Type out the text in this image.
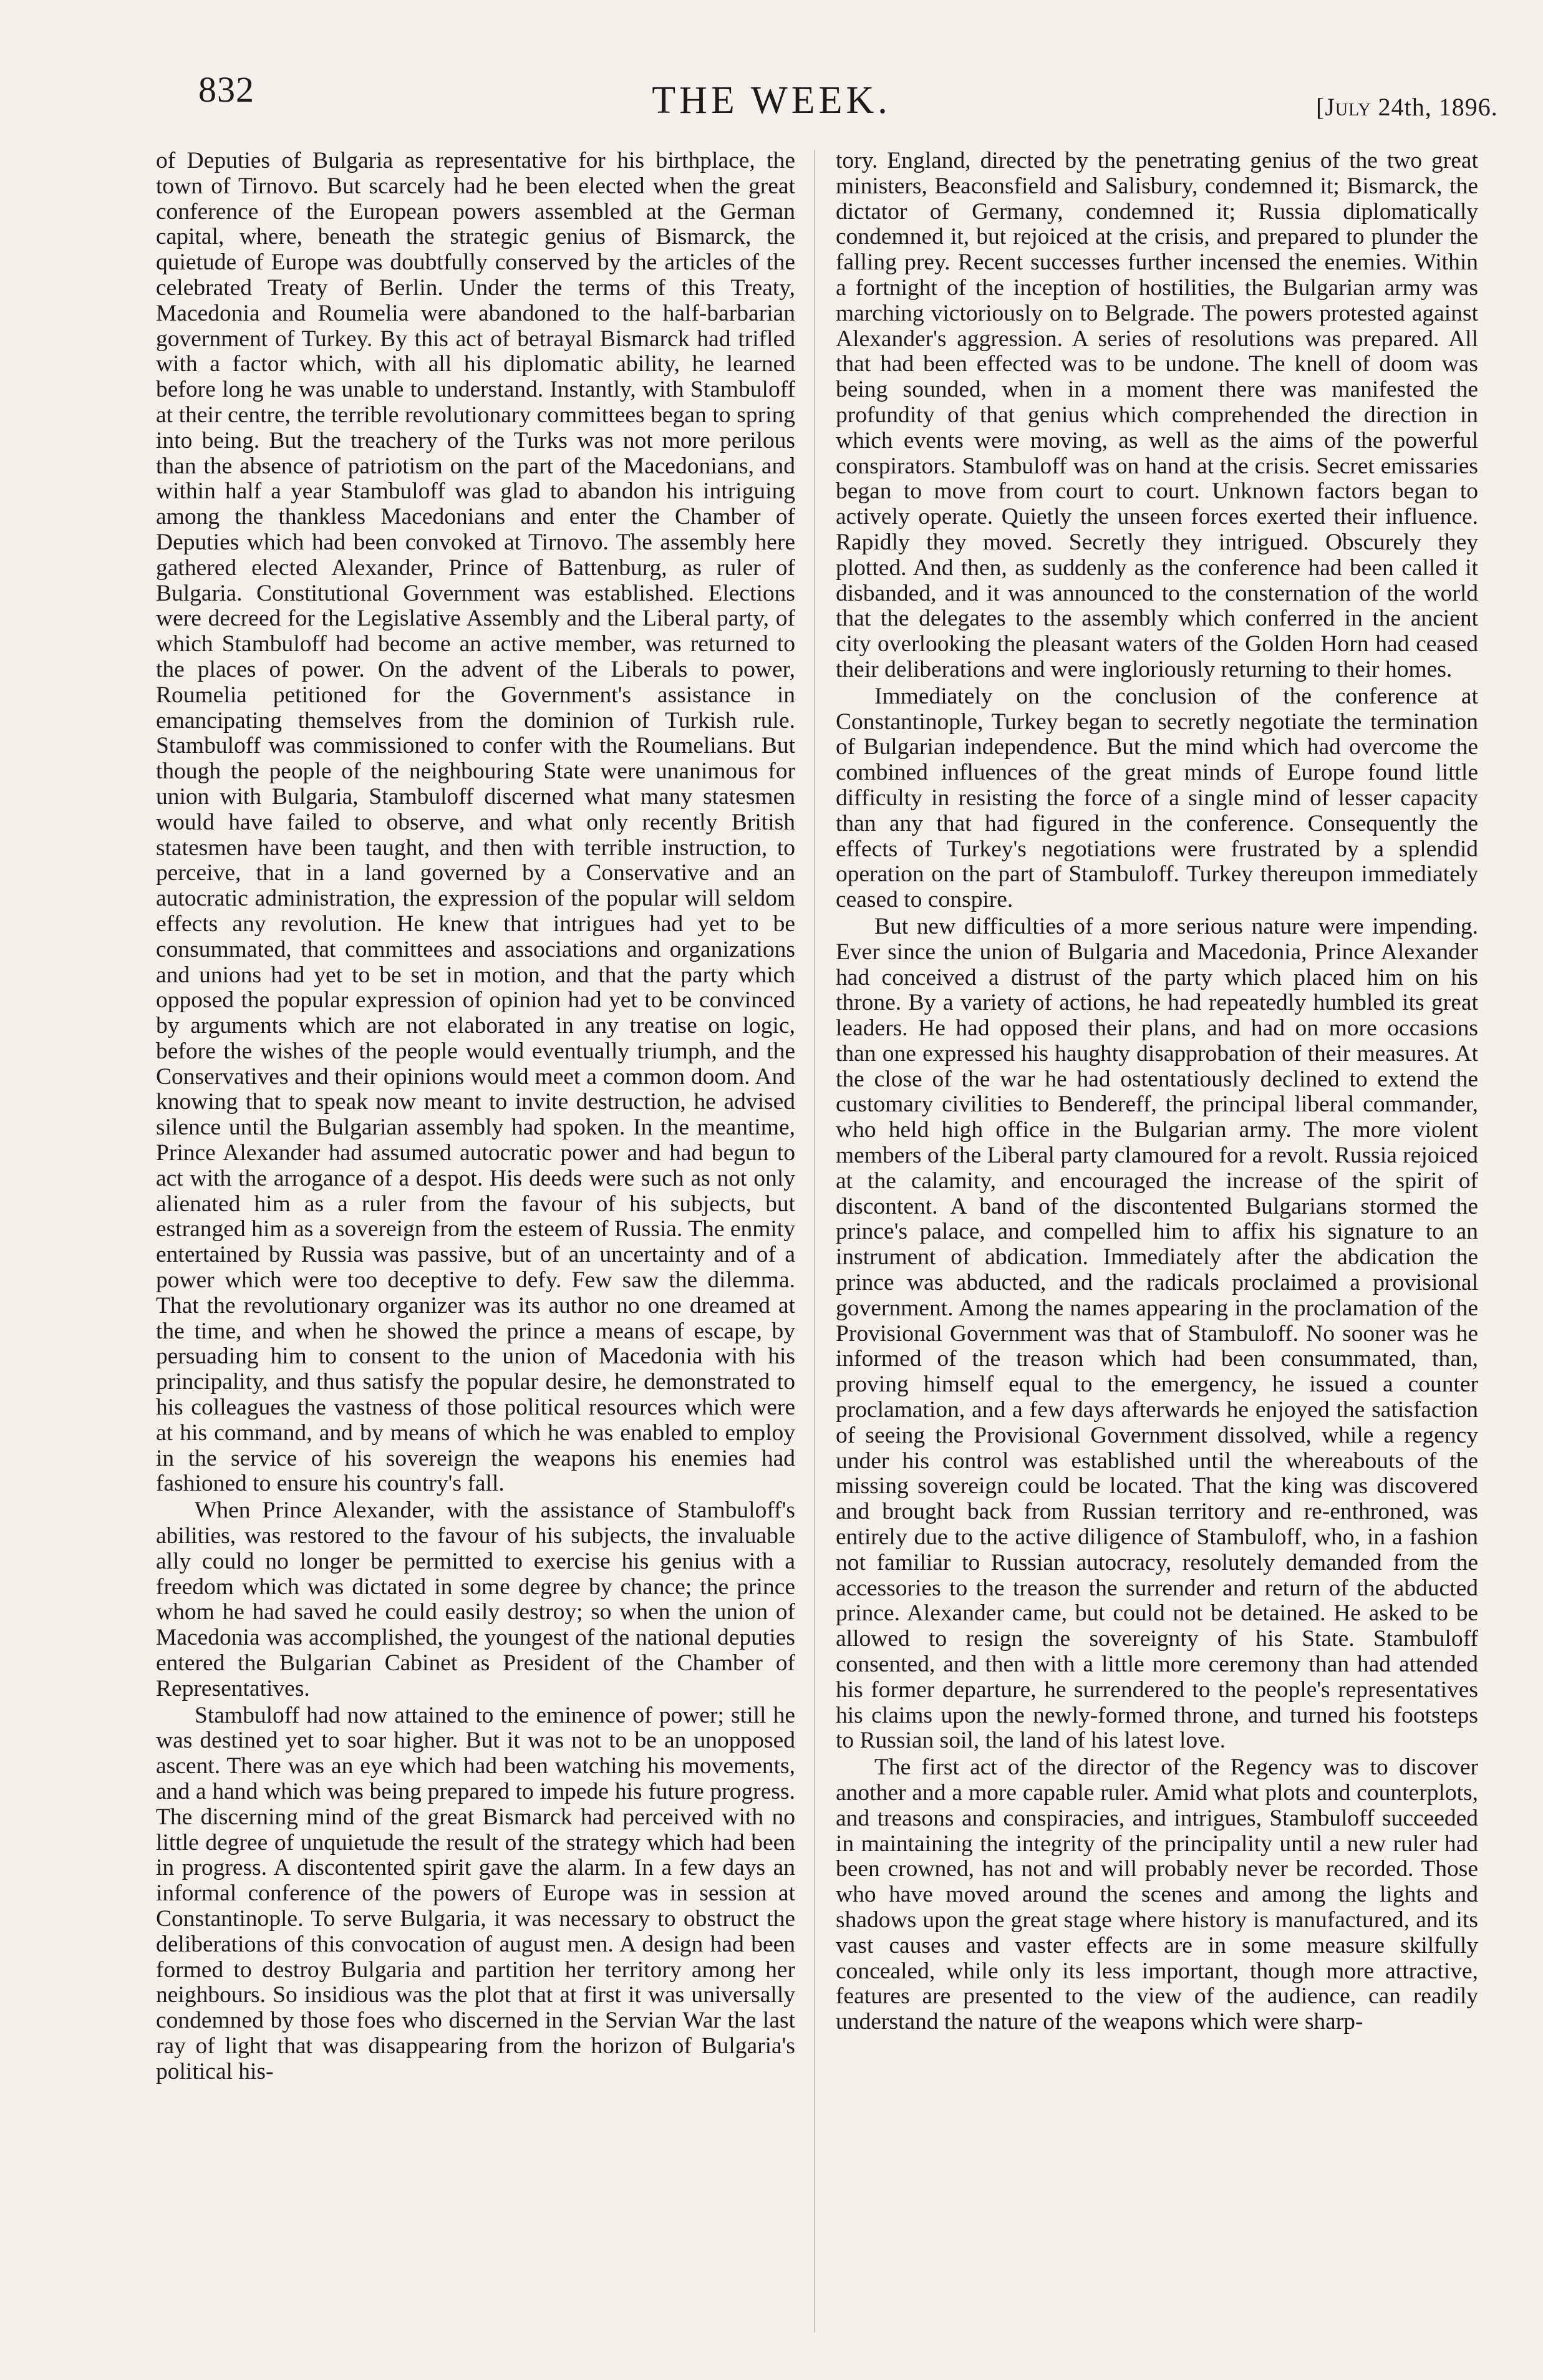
832	THE WEEK.	[July 24th, 1896.

of Deputies of Bulgaria as representative for his birthplace, the town of Tirnovo. But scarcely had he been elected when the great conference of the European powers assembled at the German capital, where, beneath the strategic genius of Bismarck, the quietude of Europe was doubtfully conserved by the articles of the celebrated Treaty of Berlin. Under the terms of this Treaty, Macedonia and Roumelia were abandoned to the half-barbarian government of Turkey. By this act of betrayal Bismarck had trifled with a factor which, with all his diplomatic ability, he learned before long he was unable to understand. Instantly, with Stambuloff at their centre, the terrible revolutionary committees began to spring into being. But the treachery of the Turks was not more perilous than the absence of patriotism on the part of the Macedonians, and within half a year Stambuloff was glad to abandon his intriguing among the thankless Macedonians and enter the Chamber of Deputies which had been convoked at Tirnovo. The assembly here gathered elected Alexander, Prince of Battenburg, as ruler of Bulgaria. Constitutional Government was established. Elections were decreed for the Legislative Assembly and the Liberal party, of which Stambuloff had become an active member, was returned to the places of power. On the advent of the Liberals to power, Roumelia petitioned for the Government's assistance in emancipating themselves from the dominion of Turkish rule. Stambuloff was commissioned to confer with the Roumelians. But though the people of the neighbouring State were unanimous for union with Bulgaria, Stambuloff discerned what many statesmen would have failed to observe, and what only recently British statesmen have been taught, and then with terrible instruction, to perceive, that in a land governed by a Conservative and an autocratic administration, the expression of the popular will seldom effects any revolution. He knew that intrigues had yet to be consummated, that committees and associations and organizations and unions had yet to be set in motion, and that the party which opposed the popular expression of opinion had yet to be convinced by arguments which are not elaborated in any treatise on logic, before the wishes of the people would eventually triumph, and the Conservatives and their opinions would meet a common doom. And knowing that to speak now meant to invite destruction, he advised silence until the Bulgarian assembly had spoken. In the meantime, Prince Alexander had assumed autocratic power and had begun to act with the arrogance of a despot. His deeds were such as not only alienated him as a ruler from the favour of his subjects, but estranged him as a sovereign from the esteem of Russia. The enmity entertained by Russia was passive, but of an uncertainty and of a power which were too deceptive to defy. Few saw the dilemma. That the revolutionary organizer was its author no one dreamed at the time, and when he showed the prince a means of escape, by persuading him to consent to the union of Macedonia with his principality, and thus satisfy the popular desire, he demonstrated to his colleagues the vastness of those political resources which were at his command, and by means of which he was enabled to employ in the service of his sovereign the weapons his enemies had fashioned to ensure his country's fall.

When Prince Alexander, with the assistance of Stambuloff's abilities, was restored to the favour of his subjects, the invaluable ally could no longer be permitted to exercise his genius with a freedom which was dictated in some degree by chance; the prince whom he had saved he could easily destroy; so when the union of Macedonia was accomplished, the youngest of the national deputies entered the Bulgarian Cabinet as President of the Chamber of Representatives.

Stambuloff had now attained to the eminence of power; still he was destined yet to soar higher. But it was not to be an unopposed ascent. There was an eye which had been watching his movements, and a hand which was being prepared to impede his future progress. The discerning mind of the great Bismarck had perceived with no little degree of unquietude the result of the strategy which had been in progress. A discontented spirit gave the alarm. In a few days an informal conference of the powers of Europe was in session at Constantinople. To serve Bulgaria, it was necessary to obstruct the deliberations of this convocation of august men. A design had been formed to destroy Bulgaria and partition her territory among her neighbours. So insidious was the plot that at first it was universally condemned by those foes who discerned in the Servian War the last ray of light that was disappearing from the horizon of Bulgaria's political his-

tory. England, directed by the penetrating genius of the two great ministers, Beaconsfield and Salisbury, condemned it; Bismarck, the dictator of Germany, condemned it; Russia diplomatically condemned it, but rejoiced at the crisis, and prepared to plunder the falling prey. Recent successes further incensed the enemies. Within a fortnight of the inception of hostilities, the Bulgarian army was marching victoriously on to Belgrade. The powers protested against Alexander's aggression. A series of resolutions was prepared. All that had been effected was to be undone. The knell of doom was being sounded, when in a moment there was manifested the profundity of that genius which comprehended the direction in which events were moving, as well as the aims of the powerful conspirators. Stambuloff was on hand at the crisis. Secret emissaries began to move from court to court. Unknown factors began to actively operate. Quietly the unseen forces exerted their influence. Rapidly they moved. Secretly they intrigued. Obscurely they plotted. And then, as suddenly as the conference had been called it disbanded, and it was announced to the consternation of the world that the delegates to the assembly which conferred in the ancient city overlooking the pleasant waters of the Golden Horn had ceased their deliberations and were ingloriously returning to their homes.

Immediately on the conclusion of the conference at Constantinople, Turkey began to secretly negotiate the termination of Bulgarian independence. But the mind which had overcome the combined influences of the great minds of Europe found little difficulty in resisting the force of a single mind of lesser capacity than any that had figured in the conference. Consequently the effects of Turkey's negotiations were frustrated by a splendid operation on the part of Stambuloff. Turkey thereupon immediately ceased to conspire.

But new difficulties of a more serious nature were impending. Ever since the union of Bulgaria and Macedonia, Prince Alexander had conceived a distrust of the party which placed him on his throne. By a variety of actions, he had repeatedly humbled its great leaders. He had opposed their plans, and had on more occasions than one expressed his haughty disapprobation of their measures. At the close of the war he had ostentatiously declined to extend the customary civilities to Bendereff, the principal liberal commander, who held high office in the Bulgarian army. The more violent members of the Liberal party clamoured for a revolt. Russia rejoiced at the calamity, and encouraged the increase of the spirit of discontent. A band of the discontented Bulgarians stormed the prince's palace, and compelled him to affix his signature to an instrument of abdication. Immediately after the abdication the prince was abducted, and the radicals proclaimed a provisional government. Among the names appearing in the proclamation of the Provisional Government was that of Stambuloff. No sooner was he informed of the treason which had been consummated, than, proving himself equal to the emergency, he issued a counter proclamation, and a few days afterwards he enjoyed the satisfaction of seeing the Provisional Government dissolved, while a regency under his control was established until the whereabouts of the missing sovereign could be located. That the king was discovered and brought back from Russian territory and re-enthroned, was entirely due to the active diligence of Stambuloff, who, in a fashion not familiar to Russian autocracy, resolutely demanded from the accessories to the treason the surrender and return of the abducted prince. Alexander came, but could not be detained. He asked to be allowed to resign the sovereignty of his State. Stambuloff consented, and then with a little more ceremony than had attended his former departure, he surrendered to the people's representatives his claims upon the newly-formed throne, and turned his footsteps to Russian soil, the land of his latest love.

The first act of the director of the Regency was to discover another and a more capable ruler. Amid what plots and counterplots, and treasons and conspiracies, and intrigues, Stambuloff succeeded in maintaining the integrity of the principality until a new ruler had been crowned, has not and will probably never be recorded. Those who have moved around the scenes and among the lights and shadows upon the great stage where history is manufactured, and its vast causes and vaster effects are in some measure skilfully concealed, while only its less important, though more attractive, features are presented to the view of the audience, can readily understand the nature of the weapons which were sharp-
